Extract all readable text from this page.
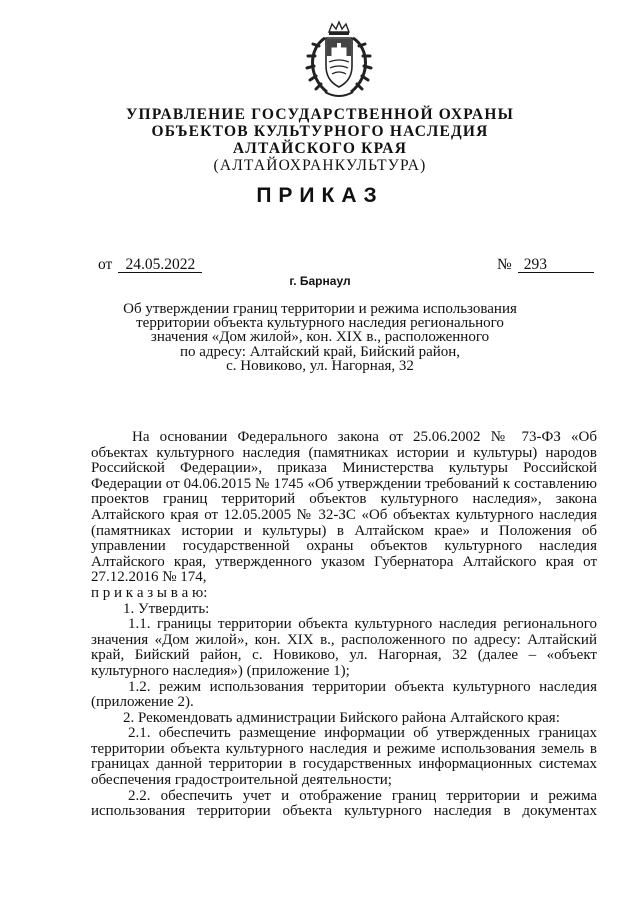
УПРАВЛЕНИЕ ГОСУДАРСТВЕННОЙ ОХРАНЫ
ОБЪЕКТОВ КУЛЬТУРНОГО НАСЛЕДИЯ
АЛТАЙСКОГО КРАЯ
(АЛТАЙОХРАНКУЛЬТУРА)
ПРИКАЗ
от 24.05.2022	№ 293
г. Барнаул
Об утверждении границ территории и режима использования
территории объекта культурного наследия регионального
значения «Дом жилой», кон. XIX в., расположенного
по адресу: Алтайский край, Бийский район,
с. Новиково, ул. Нагорная, 32

На основании Федерального закона от 25.06.2002 № 73-ФЗ «Об объектах культурного наследия (памятниках истории и культуры) народов Российской Федерации», приказа Министерства культуры Российской Федерации от 04.06.2015 № 1745 «Об утверждении требований к составлению проектов границ территорий объектов культурного наследия», закона Алтайского края от 12.05.2005 № 32-ЗС «Об объектах культурного наследия (памятниках истории и культуры) в Алтайском крае» и Положения об управлении государственной охраны объектов культурного наследия Алтайского края, утвержденного указом Губернатора Алтайского края от 27.12.2016 № 174,

п р и к а з ы в а ю:

1. Утвердить:

1.1. границы территории объекта культурного наследия регионального значения «Дом жилой», кон. XIX в., расположенного по адресу: Алтайский край, Бийский район, с. Новиково, ул. Нагорная, 32 (далее – «объект культурного наследия») (приложение 1);

1.2. режим использования территории объекта культурного наследия (приложение 2).

2. Рекомендовать администрации Бийского района Алтайского края:

2.1. обеспечить размещение информации об утвержденных границах территории объекта культурного наследия и режиме использования земель в границах данной территории в государственных информационных системах обеспечения градостроительной деятельности;

2.2. обеспечить учет и отображение границ территории и режима использования территории объекта культурного наследия в документах
